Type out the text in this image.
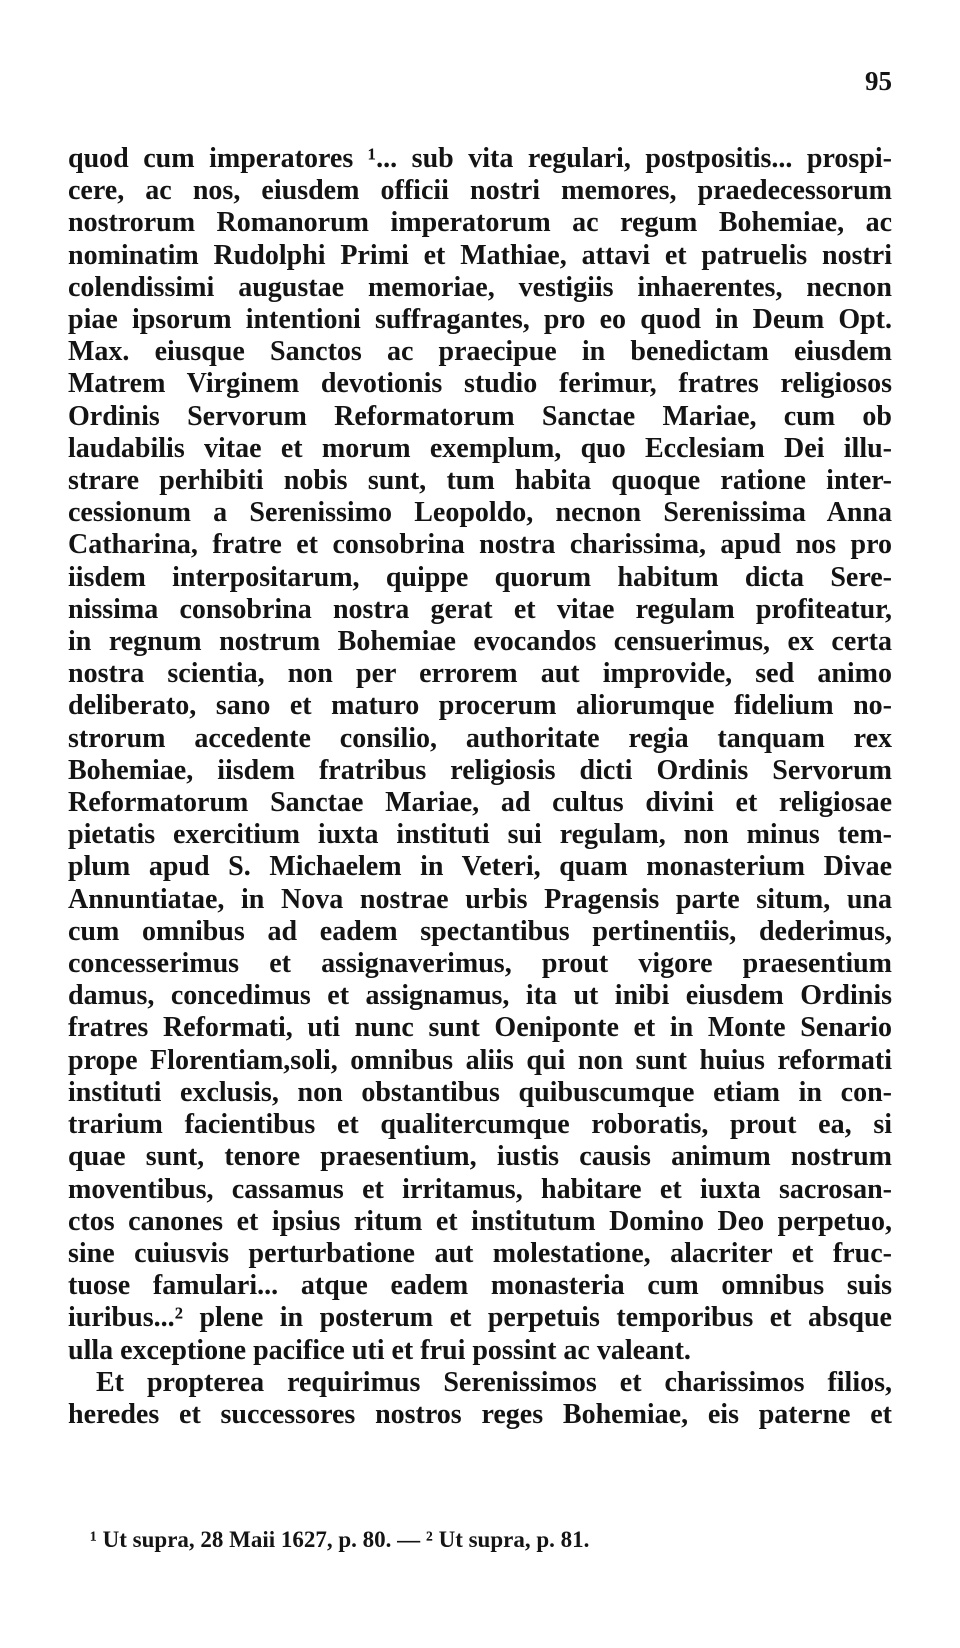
95
quod cum imperatores ¹... sub vita regulari, postpositis... prospi-
cere, ac nos, eiusdem officii nostri memores, praedecessorum
nostrorum Romanorum imperatorum ac regum Bohemiae, ac
nominatim Rudolphi Primi et Mathiae, attavi et patruelis nostri
colendissimi augustae memoriae, vestigiis inhaerentes, necnon
piae ipsorum intentioni suffragantes, pro eo quod in Deum Opt.
Max. eiusque Sanctos ac praecipue in benedictam eiusdem
Matrem Virginem devotionis studio ferimur, fratres religiosos
Ordinis Servorum Reformatorum Sanctae Mariae, cum ob
laudabilis vitae et morum exemplum, quo Ecclesiam Dei illu-
strare perhibiti nobis sunt, tum habita quoque ratione inter-
cessionum a Serenissimo Leopoldo, necnon Serenissima Anna
Catharina, fratre et consobrina nostra charissima, apud nos pro
iisdem interpositarum, quippe quorum habitum dicta Sere-
nissima consobrina nostra gerat et vitae regulam profiteatur,
in regnum nostrum Bohemiae evocandos censuerimus, ex certa
nostra scientia, non per errorem aut improvide, sed animo
deliberato, sano et maturo procerum aliorumque fidelium no-
strorum accedente consilio, authoritate regia tanquam rex
Bohemiae, iisdem fratribus religiosis dicti Ordinis Servorum
Reformatorum Sanctae Mariae, ad cultus divini et religiosae
pietatis exercitium iuxta instituti sui regulam, non minus tem-
plum apud S. Michaelem in Veteri, quam monasterium Divae
Annuntiatae, in Nova nostrae urbis Pragensis parte situm, una
cum omnibus ad eadem spectantibus pertinentiis, dederimus,
concesserimus et assignaverimus, prout vigore praesentium
damus, concedimus et assignamus, ita ut inibi eiusdem Ordinis
fratres Reformati, uti nunc sunt Oeniponte et in Monte Senario
prope Florentiam,soli, omnibus aliis qui non sunt huius reformati
instituti exclusis, non obstantibus quibuscumque etiam in con-
trarium facientibus et qualitercumque roboratis, prout ea, si
quae sunt, tenore praesentium, iustis causis animum nostrum
moventibus, cassamus et irritamus, habitare et iuxta sacrosan-
ctos canones et ipsius ritum et institutum Domino Deo perpetuo,
sine cuiusvis perturbatione aut molestatione, alacriter et fruc-
tuose famulari... atque eadem monasteria cum omnibus suis
iuribus...² plene in posterum et perpetuis temporibus et absque
ulla exceptione pacifice uti et frui possint ac valeant.
Et propterea requirimus Serenissimos et charissimos filios,
heredes et successores nostros reges Bohemiae, eis paterne et
¹ Ut supra, 28 Maii 1627, p. 80. — ² Ut supra, p. 81.
